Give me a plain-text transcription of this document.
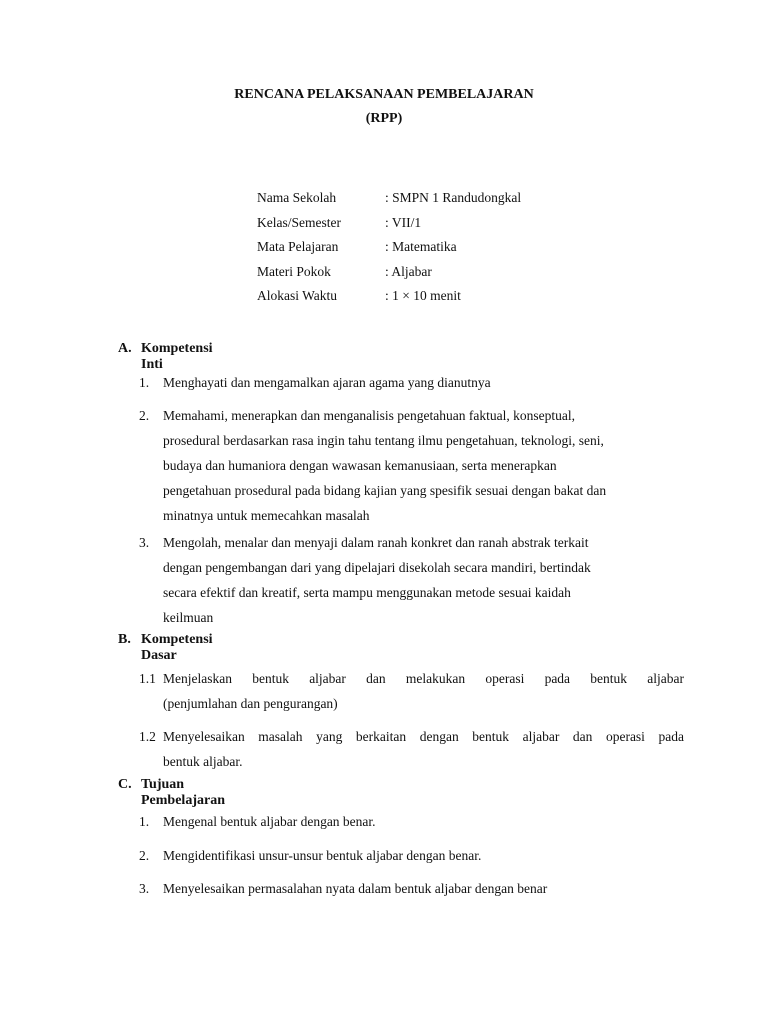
RENCANA PELAKSANAAN PEMBELAJARAN
(RPP)
Nama Sekolah	: SMPN 1 Randudongkal
Kelas/Semester	: VII/1
Mata Pelajaran	: Matematika
Materi Pokok	: Aljabar
Alokasi Waktu	: 1 × 10 menit
A. Kompetensi Inti
1. Menghayati dan mengamalkan ajaran agama yang dianutnya
2. Memahami, menerapkan dan menganalisis pengetahuan faktual, konseptual,
prosedural berdasarkan rasa ingin tahu tentang ilmu pengetahuan, teknologi, seni,
budaya dan humaniora dengan wawasan kemanusiaan, serta menerapkan
pengetahuan prosedural pada bidang kajian yang spesifik sesuai dengan bakat dan
minatnya untuk memecahkan masalah
3. Mengolah, menalar dan menyaji dalam ranah konkret dan ranah abstrak terkait
dengan pengembangan dari yang dipelajari disekolah secara mandiri, bertindak
secara efektif dan kreatif, serta mampu menggunakan metode sesuai kaidah
keilmuan
B. Kompetensi Dasar
1.1 Menjelaskan bentuk aljabar dan melakukan operasi pada bentuk aljabar
(penjumlahan dan pengurangan)
1.2 Menyelesaikan masalah yang berkaitan dengan bentuk aljabar dan operasi pada
bentuk aljabar.
C. Tujuan Pembelajaran
1. Mengenal bentuk aljabar dengan benar.
2. Mengidentifikasi unsur-unsur bentuk aljabar dengan benar.
3. Menyelesaikan permasalahan nyata dalam bentuk aljabar dengan benar
